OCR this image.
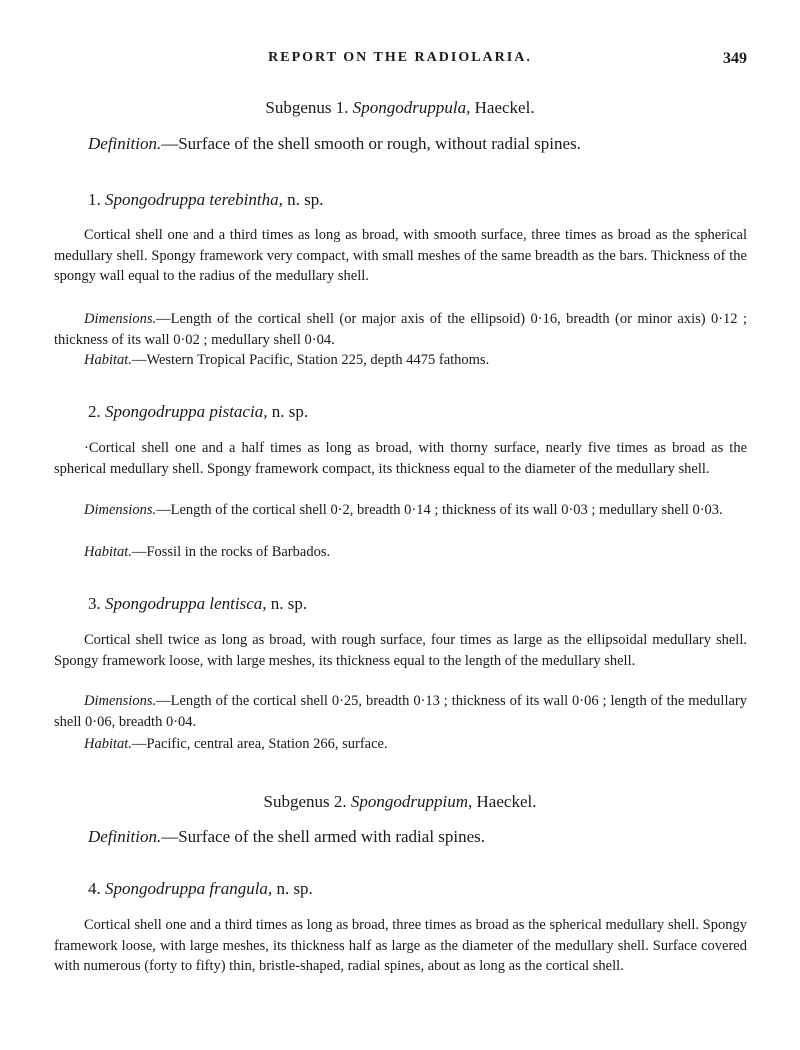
REPORT ON THE RADIOLARIA.	349
Subgenus 1. Spongodruppula, Haeckel.
Definition.—Surface of the shell smooth or rough, without radial spines.
1. Spongodruppa terebintha, n. sp.
Cortical shell one and a third times as long as broad, with smooth surface, three times as broad as the spherical medullary shell. Spongy framework very compact, with small meshes of the same breadth as the bars. Thickness of the spongy wall equal to the radius of the medullary shell.
Dimensions.—Length of the cortical shell (or major axis of the ellipsoid) 0·16, breadth (or minor axis) 0·12 ; thickness of its wall 0·02 ; medullary shell 0·04.
Habitat.—Western Tropical Pacific, Station 225, depth 4475 fathoms.
2. Spongodruppa pistacia, n. sp.
·Cortical shell one and a half times as long as broad, with thorny surface, nearly five times as broad as the spherical medullary shell. Spongy framework compact, its thickness equal to the diameter of the medullary shell.
Dimensions.—Length of the cortical shell 0·2, breadth 0·14 ; thickness of its wall 0·03 ; medullary shell 0·03.
Habitat.—Fossil in the rocks of Barbados.
3. Spongodruppa lentisca, n. sp.
Cortical shell twice as long as broad, with rough surface, four times as large as the ellipsoidal medullary shell. Spongy framework loose, with large meshes, its thickness equal to the length of the medullary shell.
Dimensions.—Length of the cortical shell 0·25, breadth 0·13 ; thickness of its wall 0·06 ; length of the medullary shell 0·06, breadth 0·04.
Habitat.—Pacific, central area, Station 266, surface.
Subgenus 2. Spongodruppium, Haeckel.
Definition.—Surface of the shell armed with radial spines.
4. Spongodruppa frangula, n. sp.
Cortical shell one and a third times as long as broad, three times as broad as the spherical medullary shell. Spongy framework loose, with large meshes, its thickness half as large as the diameter of the medullary shell. Surface covered with numerous (forty to fifty) thin, bristle-shaped, radial spines, about as long as the cortical shell.
